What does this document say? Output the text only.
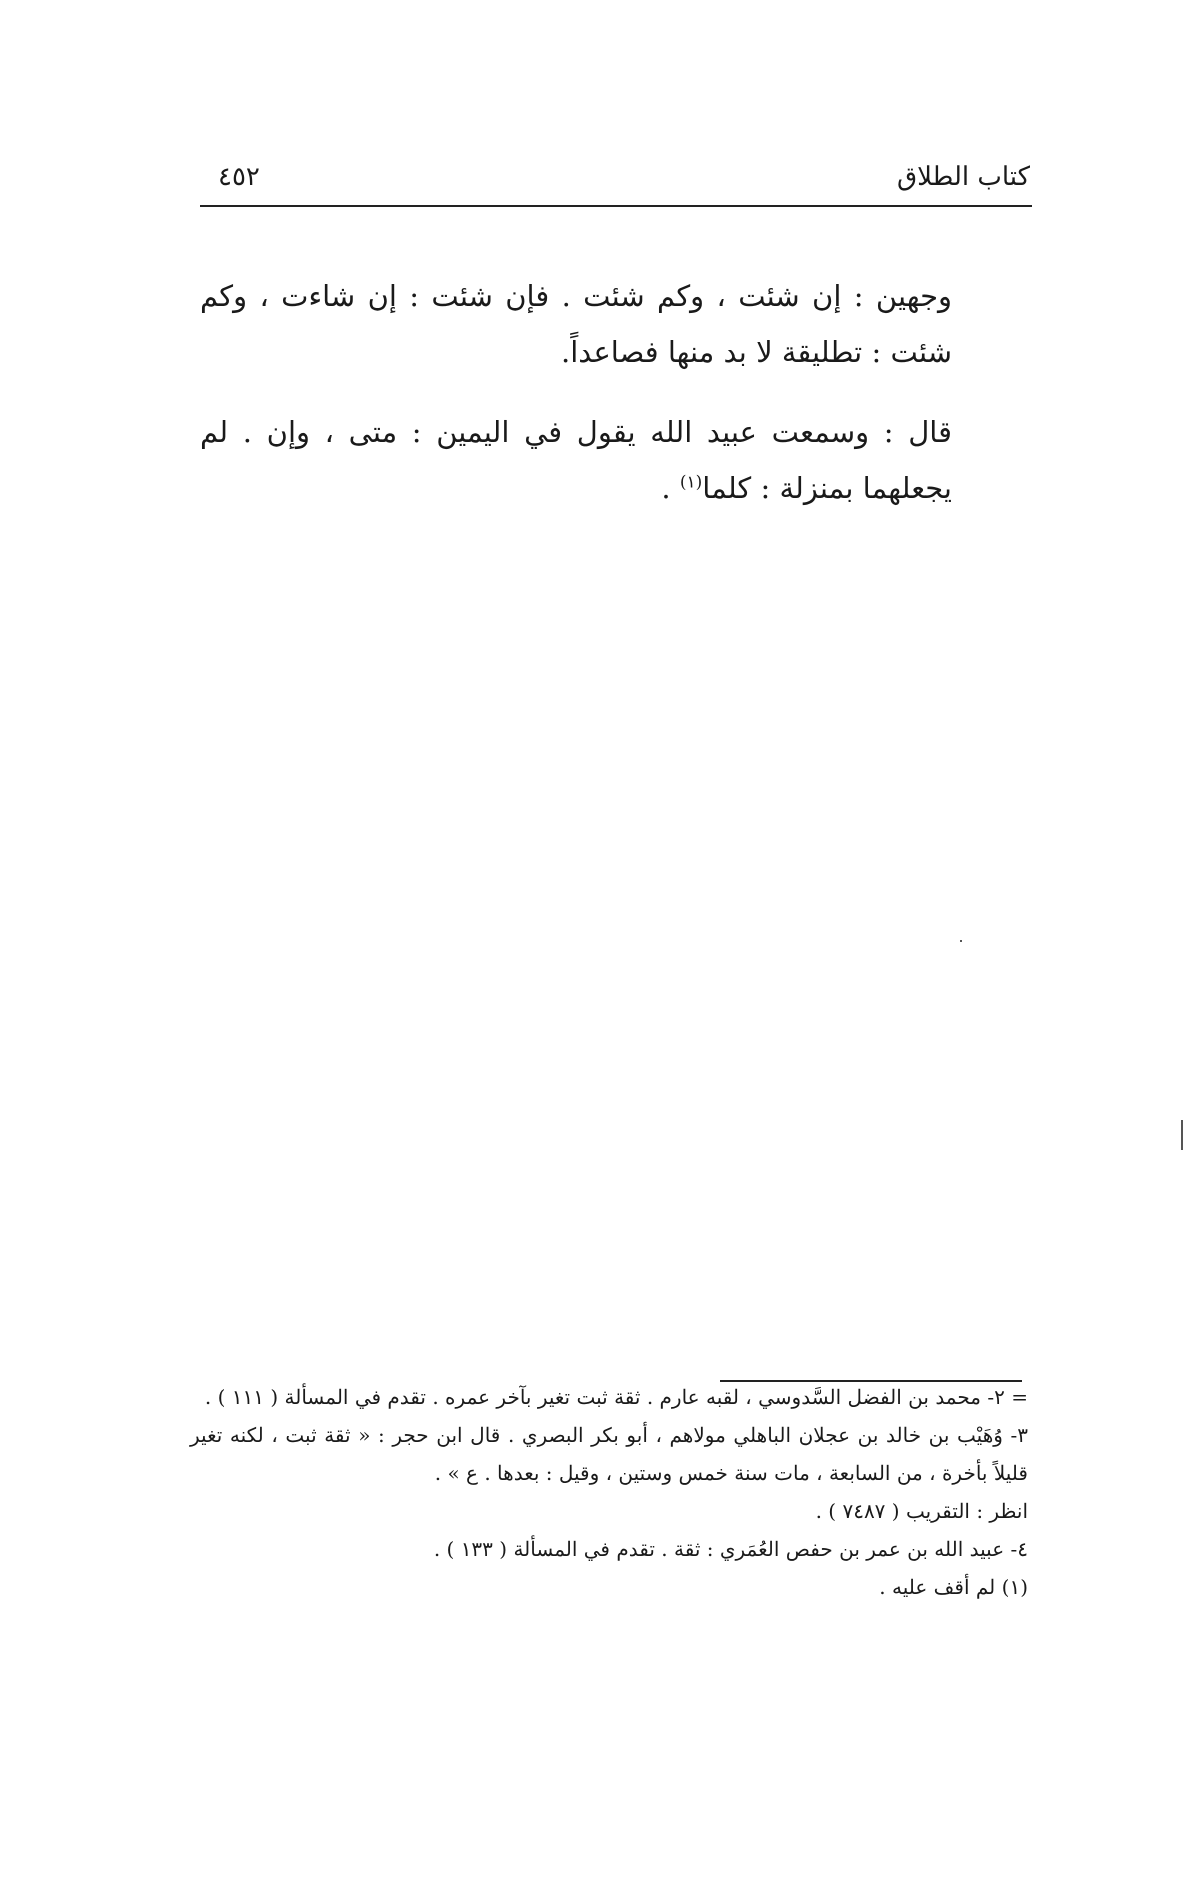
كتاب الطلاق
٤٥٢

وجهين : إن شئت ، وكم شئت . فإن شئت : إن شاءت ، وكم شئت : تطليقة لا بد منها فصاعداً.

قال : وسمعت عبيد الله يقول في اليمين : متى ، وإن . لم يجعلهما بمنزلة : كلما$^{(١)}$ .

= ٢- محمد بن الفضل السَّدوسي ، لقبه عارم . ثقة ثبت تغير بآخر عمره . تقدم في المسألة ( ١١١ ) .

٣- وُهَيْب بن خالد بن عجلان الباهلي مولاهم ، أبو بكر البصري . قال ابن حجر : « ثقة ثبت ، لكنه تغير قليلاً بأخرة ، من السابعة ، مات سنة خمس وستين ، وقيل : بعدها . ع » .

انظر : التقريب ( ٧٤٨٧ ) .

٤- عبيد الله بن عمر بن حفص العُمَري : ثقة . تقدم في المسألة ( ١٣٣ ) .

(١) لم أقف عليه .
